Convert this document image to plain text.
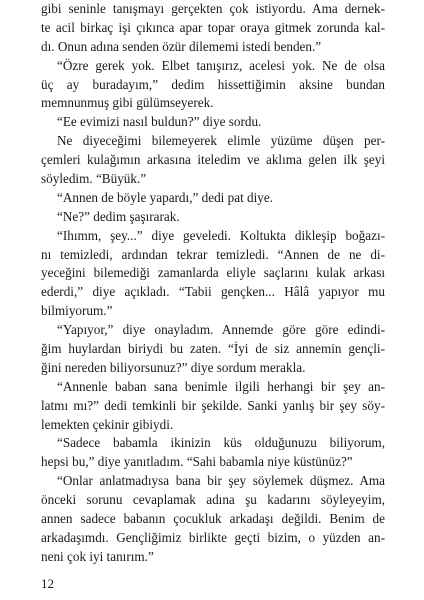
gibi seninle tanışmayı gerçekten çok istiyordu. Ama dernek-
te acil birkaç işi çıkınca apar topar oraya gitmek zorunda kal-
dı. Onun adına senden özür dilememi istedi benden.”
“Özre gerek yok. Elbet tanışırız, acelesi yok. Ne de olsa
üç ay buradayım,” dedim hissettiğimin aksine bundan
memnunmuş gibi gülümseyerek.
“Ee evimizi nasıl buldun?” diye sordu.
Ne diyeceğimi bilemeyerek elimle yüzüme düşen per-
çemleri kulağımın arkasına iteledim ve aklıma gelen ilk şeyi
söyledim. “Büyük.”
“Annen de böyle yapardı,” dedi pat diye.
“Ne?” dedim şaşırarak.
“Ihımm, şey...” diye geveledi. Koltukta dikleşip boğazı-
nı temizledi, ardından tekrar temizledi. “Annen de ne di-
yeceğini bilemediği zamanlarda eliyle saçlarını kulak arkası
ederdi,” diye açıkladı. “Tabii gençken... Hâlâ yapıyor mu
bilmiyorum.”
“Yapıyor,” diye onayladım. Annemde göre göre edindi-
ğim huylardan biriydi bu zaten. “İyi de siz annemin gençli-
ğini nereden biliyorsunuz?” diye sordum merakla.
“Annenle baban sana benimle ilgili herhangi bir şey an-
latmı mı?” dedi temkinli bir şekilde. Sanki yanlış bir şey söy-
lemekten çekinir gibiydi.
“Sadece babamla ikinizin küs olduğunuzu biliyorum,
hepsi bu,” diye yanıtladım. “Sahi babamla niye küstünüz?”
“Onlar anlatmadıysa bana bir şey söylemek düşmez. Ama
önceki sorunu cevaplamak adına şu kadarını söyleyeyim,
annen sadece babanın çocukluk arkadaşı değildi. Benim de
arkadaşımdı. Gençliğimiz birlikte geçti bizim, o yüzden an-
neni çok iyi tanırım.”
12
